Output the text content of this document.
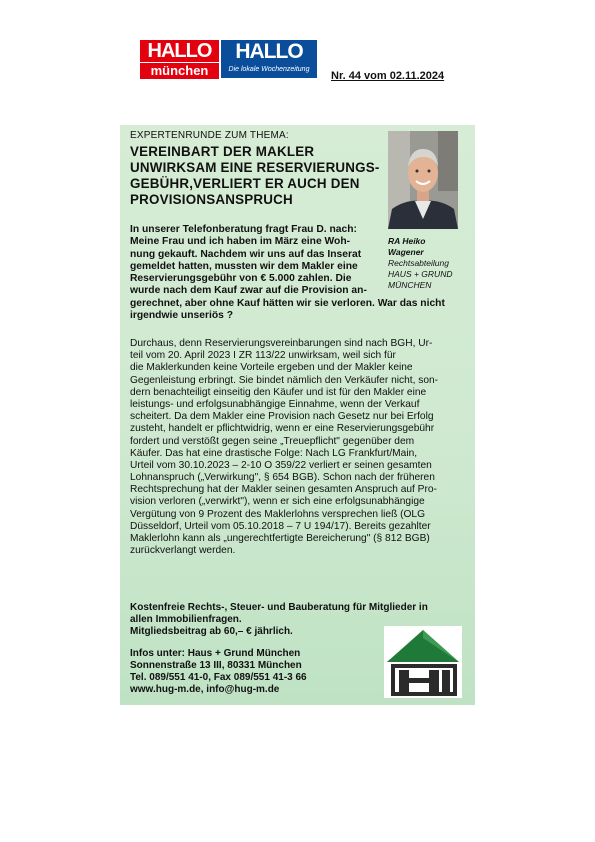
HALLO
münchen
HALLO
Die lokale Wochenzeitung
Nr. 44 vom 02.11.2024
EXPERTENRUNDE ZUM THEMA:
VEREINBART DER MAKLER
UNWIRKSAM EINE RESERVIERUNGS-
GEBÜHR,VERLIERT ER AUCH DEN
PROVISIONSANSPRUCH
RA Heiko
Wagener
Rechtsabteilung
HAUS + GRUND
MÜNCHEN
In unserer Telefonberatung fragt Frau D. nach:
Meine Frau und ich haben im März eine Woh-
nung gekauft. Nachdem wir uns auf das Inserat
gemeldet hatten, mussten wir dem Makler eine
Reservierungsgebühr von € 5.000 zahlen. Die
wurde nach dem Kauf zwar auf die Provision an-
gerechnet, aber ohne Kauf hätten wir sie verloren. War das nicht
irgendwie unseriös ?
Durchaus, denn Reservierungsvereinbarungen sind nach BGH, Ur-
teil vom 20. April 2023 I ZR 113/22 unwirksam, weil sich für
die Maklerkunden keine Vorteile ergeben und der Makler keine
Gegenleistung erbringt. Sie bindet nämlich den Verkäufer nicht, son-
dern benachteiligt einseitig den Käufer und ist für den Makler eine
leistungs- und erfolgsunabhängige Einnahme, wenn der Verkauf
scheitert. Da dem Makler eine Provision nach Gesetz nur bei Erfolg
zusteht, handelt er pflichtwidrig, wenn er eine Reservierungsgebühr
fordert und verstößt gegen seine „Treuepflicht" gegenüber dem
Käufer. Das hat eine drastische Folge: Nach LG Frankfurt/Main,
Urteil vom 30.10.2023 – 2-10 O 359/22 verliert er seinen gesamten
Lohnanspruch („Verwirkung", § 654 BGB). Schon nach der früheren
Rechtsprechung hat der Makler seinen gesamten Anspruch auf Pro-
vision verloren („verwirkt"), wenn er sich eine erfolgsunabhängige
Vergütung von 9 Prozent des Maklerlohns versprechen ließ (OLG
Düsseldorf, Urteil vom 05.10.2018 – 7 U 194/17). Bereits gezahlter
Maklerlohn kann als „ungerechtfertigte Bereicherung" (§ 812 BGB)
zurückverlangt werden.
Kostenfreie Rechts-, Steuer- und Bauberatung für Mitglieder in
allen Immobilienfragen.
Mitgliedsbeitrag ab 60,– € jährlich.
Infos unter: Haus + Grund München
Sonnenstraße 13 III, 80331 München
Tel. 089/551 41-0, Fax 089/551 41-3 66
www.hug-m.de, info@hug-m.de
